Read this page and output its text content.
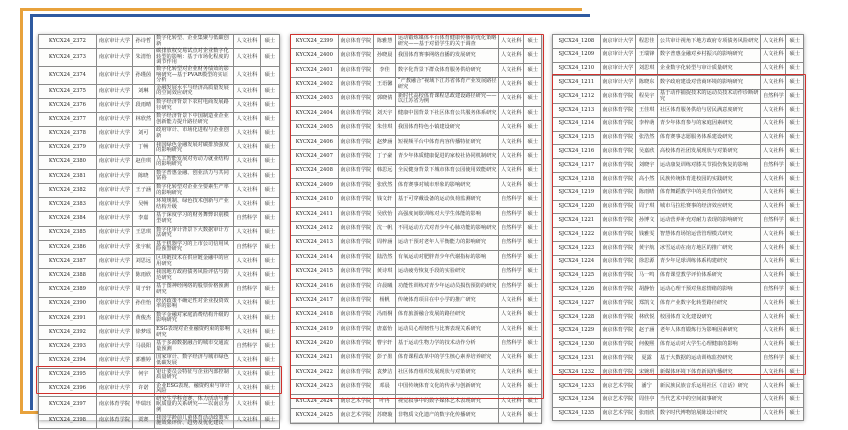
KYCX24_2372	南京审计大学	孙诗哲	数字化转型、企业集聚与低碳创新	人文社科	硕士
KYCX24_2373	南京审计大学	朱清怡	碳排放权交易试点对企业数字化转型的影响：基于市场化程度的调节作用	人文社科	硕士
KYCX24_2374	南京审计大学	孙瑾茵	数字化转型对企业财务绩效的影响研究—基于PVAR模型的实证分析	人文社科	硕士
KYCX24_2375	南京审计大学	刘琳	金融发展水平与经济高质量发展的空间效应研究	人文社科	硕士
KYCX24_2376	南京审计大学	段雨晴	数字经济背景下农村电商发展路径研究	人文社科	硕士
KYCX24_2377	南京审计大学	林欣然	数字经济背景下中国制造业企业创新能力提升路径研究	人文社科	硕士
KYCX24_2378	南京审计大学	刘可	政府审计、市场化进程与企业创新	人文社科	硕士
KYCX24_2379	南京审计大学	丁畅	我国绿色金融发展对碳排放强度的影响研究	人文社科	硕士
KYCX24_2380	南京审计大学	赵佳琪	人工智能发展对劳动力就业结构的影响研究	人文社科	硕士
KYCX24_2381	南京审计大学	陈晓	数字普惠金融、创业活力与共同富裕	人文社科	硕士
KYCX24_2382	南京审计大学	王子涵	数字化转型对企业全要素生产率的影响研究	人文社科	硕士
KYCX24_2383	南京审计大学	吴畅	环境规制、绿色技术创新与产业结构升级	人文社科	硕士
KYCX24_2384	南京审计大学	李嘉	基于深度学习的财务舞弊识别模型研究	自然科学	硕士
KYCX24_2385	南京审计大学	王思琪	数字化审计背景下大数据审计方法研究	人文社科	硕士
KYCX24_2386	南京审计大学	张宇航	基于机器学习的上市公司信用风险预警研究	自然科学	硕士
KYCX24_2387	南京审计大学	刘思远	区块链技术在供应链金融中的应用研究	人文社科	硕士
KYCX24_2388	南京审计大学	陈雨欣	我国地方政府债务风险评估与防范研究	人文社科	硕士
KYCX24_2389	南京审计大学	周子轩	基于图神经网络的股票价格预测研究	自然科学	硕士
KYCX24_2390	南京审计大学	孙佳怡	经济政策不确定性对企业投资效率的影响	人文社科	硕士
KYCX24_2391	南京审计大学	黄俊杰	数字金融对家庭消费结构升级的影响研究	人文社科	硕士
KYCX24_2392	南京审计大学	徐梦瑶	ESG表现对企业融资约束的影响研究	人文社科	硕士
KYCX24_2393	南京审计大学	马晨阳	基于多源数据融合的城市交通流量预测	自然科学	硕士
KYCX24_2394	南京审计大学	郭雅婷	国家审计、数字经济与城市绿色低碳发展	人文社科	硕士
KYCX24_2395	南京审计大学	何宇	审计委员会特征与企业内部控制质量研究	人文社科	硕士
KYCX24_2396	南京审计大学	许诺	企业ESG表现、融资约束与审计风险	人文社科	硕士
KYCX24_2397	南京体育学院	毕瑞珏	研究生学科竞赛、体力活动与睡眠质量的关系研究——以南京为例	人文社科	硕士
KYCX24_2398	南京体育学院	贾赛	我国学龄前儿童体育活动政策实施效果评价、趋势及优化建议	人文社科	硕士
KYCX24_2399	南京体育学院	陈雅慧	运动锻炼媒体平台体育健康传播的优化策略研究——基于对留学生的关于调查	人文社科	硕士
KYCX24_2400	南京体育学院	孙晓晨	我国体育赛事网络直播的发展研究	人文社科	硕士
KYCX24_2401	南京体育学院	李佳	数字化背景下群众体育服务供给研究	人文社科	硕士
KYCX24_2402	南京体育学院	王语馨	“产教融合”视域下江苏省体育产业发展路径研究	人文社科	硕士
KYCX24_2403	南京体育学院	郭晓倩	新时代高校体育课程思政建设路径研究——以江苏省为例	人文社科	硕士
KYCX24_2404	南京体育学院	刘天宇	健康中国背景下社区体育公共服务体系研究	人文社科	硕士
KYCX24_2405	南京体育学院	朱佳琪	我国体育特色小镇建设研究	人文社科	硕士
KYCX24_2406	南京体育学院	赵梦涵	短视频平台中体育内容传播特征研究	人文社科	硕士
KYCX24_2407	南京体育学院	丁子豪	青少年体质健康促进的家校社协同机制研究	人文社科	硕士
KYCX24_2408	南京体育学院	韩思远	全民健身背景下城市体育公园使用效能研究	人文社科	硕士
KYCX24_2409	南京体育学院	张欣然	体育赛事对城市形象的影响研究	人文社科	硕士
KYCX24_2410	南京体育学院	钱文轩	基于可穿戴设备的运动负荷监测研究	自然科学	硕士
KYCX24_2411	南京体育学院	吴欣怡	高强度间歇训练对大学生体能的影响	自然科学	硕士
KYCX24_2412	南京体育学院	沈一帆	不同运动方式对青少年心肺功能的影响研究	自然科学	硕士
KYCX24_2413	南京体育学院	周梓涵	运动干预对老年人平衡能力的影响研究	自然科学	硕士
KYCX24_2414	南京体育学院	陆浩然	有氧运动对肥胖青少年代谢指标的影响	自然科学	硕士
KYCX24_2415	南京体育学院	黄诗琪	运动疲劳恢复手段的实验研究	自然科学	硕士
KYCX24_2416	南京体育学院	许晨曦	功能性训练对青少年运动员损伤预防的研究	自然科学	硕士
KYCX24_2417	南京体育学院	杨帆	传统体育项目在中小学的推广研究	人文社科	硕士
KYCX24_2418	南京体育学院	冯雨桐	体育旅游融合发展的路径研究	人文社科	硕士
KYCX24_2419	南京体育学院	唐嘉怡	运动员心理韧性与比赛表现关系研究	人文社科	硕士
KYCX24_2420	南京体育学院	曹宇轩	基于运动生物力学的技术动作分析	自然科学	硕士
KYCX24_2421	南京体育学院	彭子墨	体育课程改革中的学生核心素养培养研究	人文社科	硕士
KYCX24_2422	南京体育学院	袁梦洁	社区体育组织发展现状与对策研究	人文社科	硕士
KYCX24_2423	南京体育学院	邓晨	中国传统体育文化的传承与创新研究	人文社科	硕士
KYCX24_2424	南京艺术学院	叶冉	视觉叙事中的数字媒体艺术表现研究	人文社科	硕士
KYCX24_2425	南京艺术学院	苏晓璇	非物质文化遗产的数字化传播研究	人文社科	硕士
SJCX24_1208	南京审计大学	程思佳	公共审计视角下地方政府专项债务风险研究	人文社科	硕士
SJCX24_1209	南京审计大学	王瑞锋	数字普惠金融对乡村振兴的影响研究	人文社科	硕士
SJCX24_1210	南京审计大学	刘思琪	企业数字化转型与审计质量研究	人文社科	硕士
SJCX24_1211	南京审计大学	陈晓东	数字政府建设对营商环境的影响研究	人文社科	硕士
SJCX24_1212	南京体育学院	程昊宇	基于动作捕捉技术的运动员技术动作诊断研究	自然科学	硕士
SJCX24_1213	南京体育学院	王佳琪	社区体育服务供给与居民满意度研究	人文社科	硕士
SJCX24_1214	南京体育学院	李梓萌	青少年体育参与的家庭因素研究	人文社科	硕士
SJCX24_1215	南京体育学院	张浩然	体育赛事志愿服务体系建设研究	人文社科	硕士
SJCX24_1216	南京体育学院	吴嘉欣	高校体育社团发展现状与对策研究	人文社科	硕士
SJCX24_1217	南京体育学院	刘晓宇	运动康复训练对膝关节损伤恢复的影响	自然科学	硕士
SJCX24_1218	南京体育学院	高小然	民族传统体育进校园的实践研究	人文社科	硕士
SJCX24_1219	南京体育学院	陈雨晴	体育舞蹈教学中的美育价值研究	人文社科	硕士
SJCX24_1220	南京体育学院	周子琪	城市马拉松赛事的经济效应研究	人文社科	硕士
SJCX24_1221	南京体育学院	孙博文	运动营养补充对耐力表现的影响研究	自然科学	硕士
SJCX24_1222	南京体育学院	钱雅雯	智慧体育场馆运营管理模式研究	人文社科	硕士
SJCX24_1223	南京体育学院	黄宇航	冰雪运动在南方地区的推广研究	人文社科	硕士
SJCX24_1224	南京体育学院	徐思源	青少年足球训练体系构建研究	人文社科	硕士
SJCX24_1225	南京体育学院	马一鸣	体育课堂教学评价体系研究	人文社科	硕士
SJCX24_1226	南京体育学院	胡静怡	运动心理干预对焦虑情绪的影响	自然科学	硕士
SJCX24_1227	南京体育学院	郑凯文	体育产业数字化转型路径研究	人文社科	硕士
SJCX24_1228	南京体育学院	林欣悦	校园体育文化建设研究	人文社科	硕士
SJCX24_1229	南京体育学院	赵子涵	老年人体育锻炼行为影响因素研究	人文社科	硕士
SJCX24_1230	南京体育学院	何俊熙	体育运动对大学生心理健康的影响	人文社科	硕士
SJCX24_1231	南京体育学院	夏露	基于大数据的运动训练监控研究	自然科学	硕士
SJCX24_1232	南京体育学院	宋婉玥	新媒体环境下体育新闻传播研究	人文社科	硕士
SJCX24_1233	南京艺术学院	潘宁	新民族民族音乐运用社区《音话》研究	人文社科	硕士
SJCX24_1234	南京艺术学院	周佳亭	当代艺术中的空间叙事研究	人文社科	硕士
SJCX24_1235	南京艺术学院	张雨欣	数字时代博物馆展陈设计研究	人文社科	硕士
